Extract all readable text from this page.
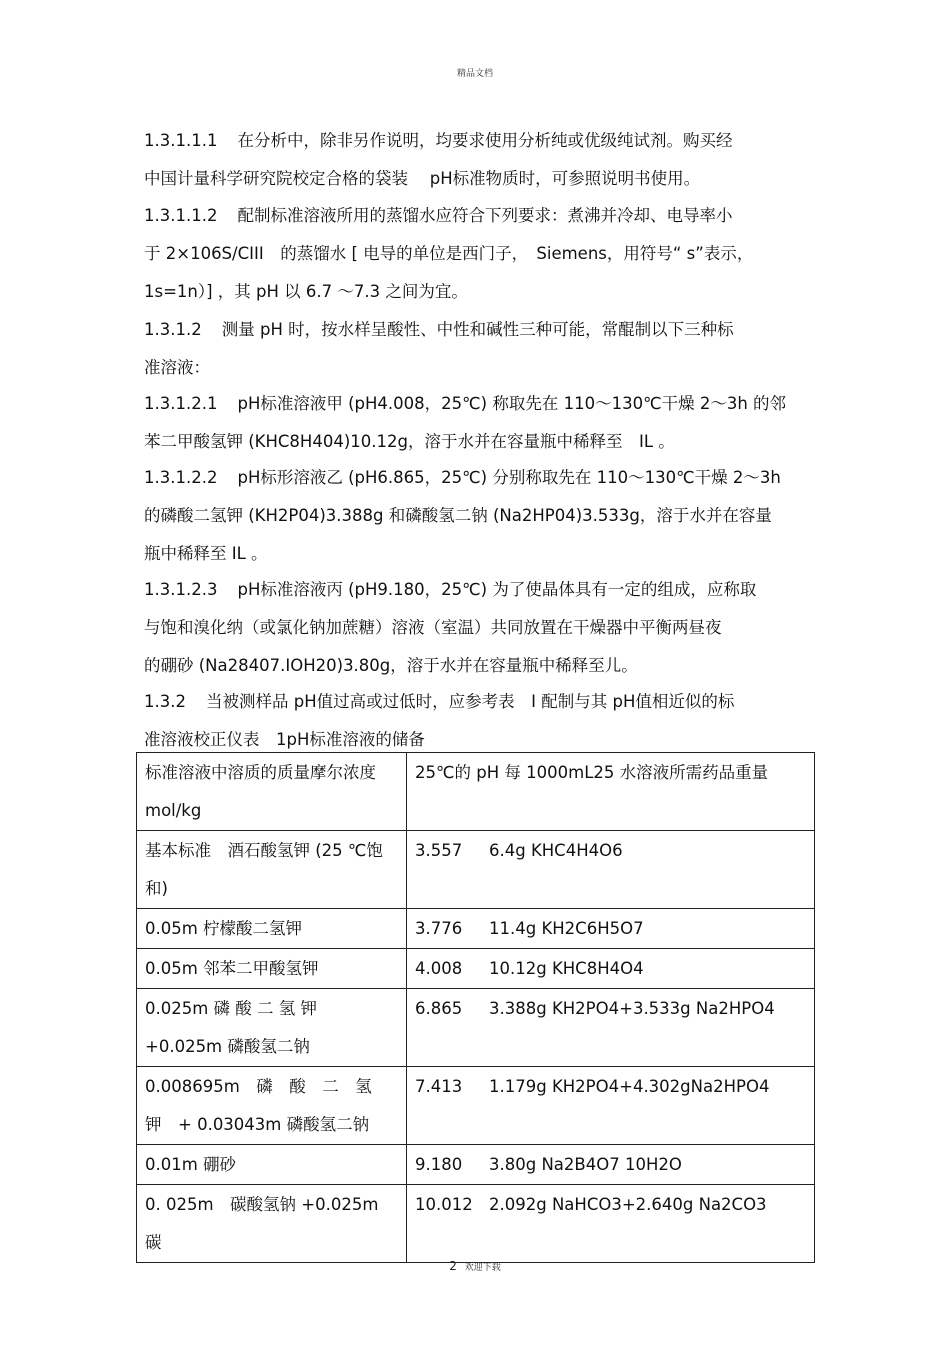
精品文档
1.3.1.1.1 在分析中，除非另作说明，均要求使用分析纯或优级纯试剂。购买经
中国计量科学研究院校定合格的袋装　 pH标准物质时，可参照说明书使用。
1.3.1.1.2 配制标准溶液所用的蒸馏水应符合下列要求：煮沸并冷却、电导率小
于 2×106S/CIII　的蒸馏水 [ 电导的单位是西门子，　Siemens，用符号“ s”表示，
1s=1n）] ，其 pH 以 6.7 ～7.3 之间为宜。
1.3.1.2 测量 pH 时，按水样呈酸性、中性和碱性三种可能，常醌制以下三种标
准溶液：
1.3.1.2.1 pH标准溶液甲 (pH4.008，25℃) 称取先在 110～130℃干燥 2～3h 的邻
苯二甲酸氢钾 (KHC8H404)10.12g，溶于水并在容量瓶中稀释至　IL 。
1.3.1.2.2 pH标形溶液乙 (pH6.865，25℃) 分别称取先在 110～130℃干燥 2～3h
的磷酸二氢钾 (KH2P04)3.388g 和磷酸氢二钠 (Na2HP04)3.533g，溶于水并在容量
瓶中稀释至 IL 。
1.3.1.2.3 pH标准溶液丙 (pH9.180，25℃) 为了使晶体具有一定的组成，应称取
与饱和溴化纳（或氯化钠加蔗糖）溶液（室温）共同放置在干燥器中平衡两昼夜
的硼砂 (Na28407.IOH20)3.80g，溶于水并在容量瓶中稀释至儿。
1.3.2 当被测样品 pH值过高或过低时，应参考表　I 配制与其 pH值相近似的标
准溶液校正仪表　1pH标准溶液的储备
标准溶液中溶质的质量摩尔浓度 mol/kg	25℃的 pH 每 1000mL25 水溶液所需药品重量
基本标准　酒石酸氢钾 (25 ℃饱和)	3.557 6.4g KHC4H4O6
0.05m 柠檬酸二氢钾	3.776 11.4g KH2C6H5O7
0.05m 邻苯二甲酸氢钾	4.008 10.12g KHC8H4O4
0.025m 磷 酸 二 氢 钾 +0.025m 磷酸氢二钠	6.865 3.388g KH2PO4+3.533g Na2HPO4
0.008695m　磷　酸　二　氢　钾　+ 0.03043m 磷酸氢二钠	7.413 1.179g KH2PO4+4.302gNa2HPO4
0.01m 硼砂	9.180 3.80g Na2B4O7 10H2O
0. 025m　碳酸氢钠 +0.025m 碳	10.012 2.092g NaHCO3+2.640g Na2CO3
2 欢迎下载
